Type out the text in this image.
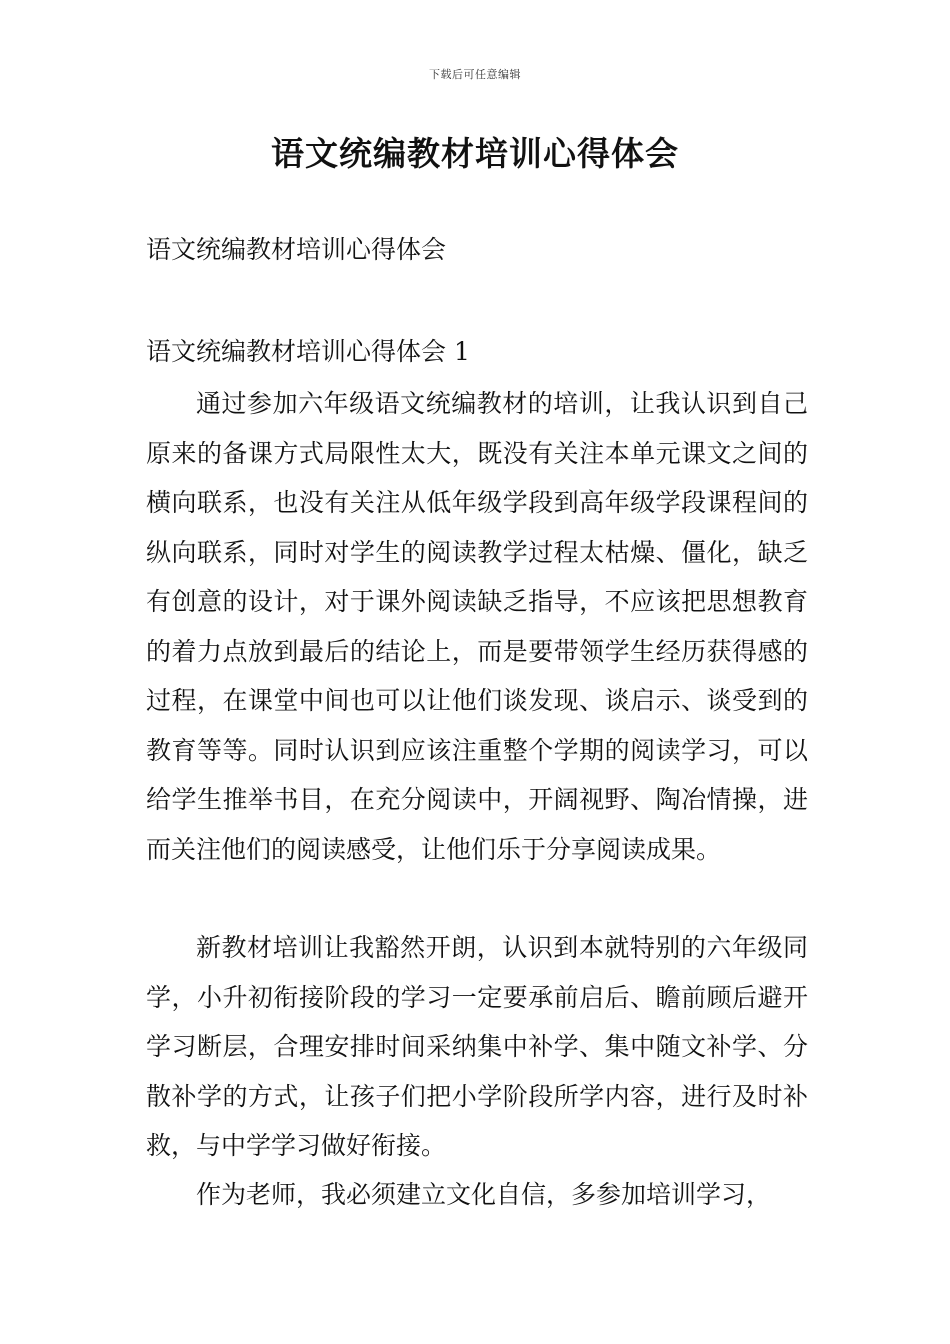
下载后可任意编辑
语文统编教材培训心得体会

语文统编教材培训心得体会

语文统编教材培训心得体会 1

通过参加六年级语文统编教材的培训，让我认识到自己原来的备课方式局限性太大，既没有关注本单元课文之间的横向联系，也没有关注从低年级学段到高年级学段课程间的纵向联系，同时对学生的阅读教学过程太枯燥、僵化，缺乏有创意的设计，对于课外阅读缺乏指导，不应该把思想教育的着力点放到最后的结论上，而是要带领学生经历获得感的过程，在课堂中间也可以让他们谈发现、谈启示、谈受到的教育等等。同时认识到应该注重整个学期的阅读学习，可以给学生推举书目，在充分阅读中，开阔视野、陶冶情操，进而关注他们的阅读感受，让他们乐于分享阅读成果。

新教材培训让我豁然开朗，认识到本就特别的六年级同学，小升初衔接阶段的学习一定要承前启后、瞻前顾后避开学习断层，合理安排时间采纳集中补学、集中随文补学、分散补学的方式，让孩子们把小学阶段所学内容，进行及时补救，与中学学习做好衔接。

作为老师，我必须建立文化自信，多参加培训学习，
